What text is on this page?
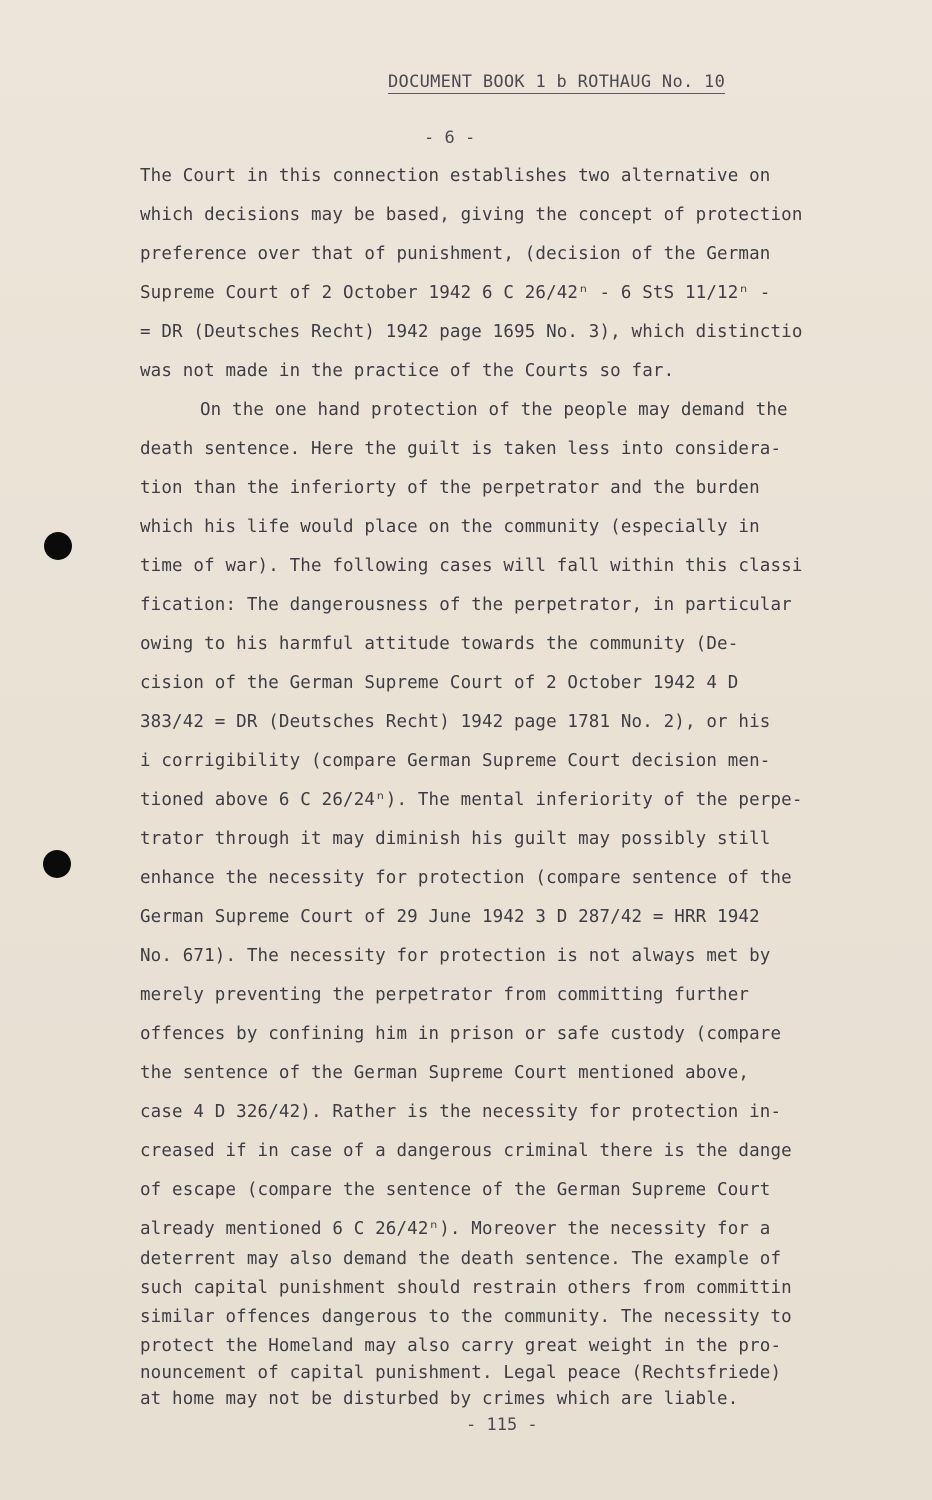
DOCUMENT BOOK 1 b ROTHAUG No. 10
- 6 -
The Court in this connection establishes two alternative on
which decisions may be based, giving the concept of protection
preference over that of punishment, (decision of the German
Supreme Court of 2 October 1942 6 C 26/42ⁿ - 6 StS 11/12ⁿ -
= DR (Deutsches Recht) 1942 page 1695 No. 3), which distinctio
was not made in the practice of the Courts so far.
On the one hand protection of the people may demand the
death sentence. Here the guilt is taken less into considera-
tion than the inferiorty of the perpetrator and the burden
which his life would place on the community (especially in
time of war). The following cases will fall within this classi
fication: The dangerousness of the perpetrator, in particular
owing to his harmful attitude towards the community (De-
cision of the German Supreme Court of 2 October 1942 4 D
383/42 = DR (Deutsches Recht) 1942 page 1781 No. 2), or his
i corrigibility (compare German Supreme Court decision men-
tioned above 6 C 26/24ⁿ). The mental inferiority of the perpe-
trator through it may diminish his guilt may possibly still
enhance the necessity for protection (compare sentence of the
German Supreme Court of 29 June 1942 3 D 287/42 = HRR 1942
No. 671). The necessity for protection is not always met by
merely preventing the perpetrator from committing further
offences by confining him in prison or safe custody (compare
the sentence of the German Supreme Court mentioned above,
case 4 D 326/42). Rather is the necessity for protection in-
creased if in case of a dangerous criminal there is the dange
of escape (compare the sentence of the German Supreme Court
already mentioned 6 C 26/42ⁿ). Moreover the necessity for a
deterrent may also demand the death sentence. The example of
such capital punishment should restrain others from committin
similar offences dangerous to the community. The necessity to
protect the Homeland may also carry great weight in the pro-
nouncement of capital punishment. Legal peace (Rechtsfriede)
at home may not be disturbed by crimes which are liable.
- 115 -
